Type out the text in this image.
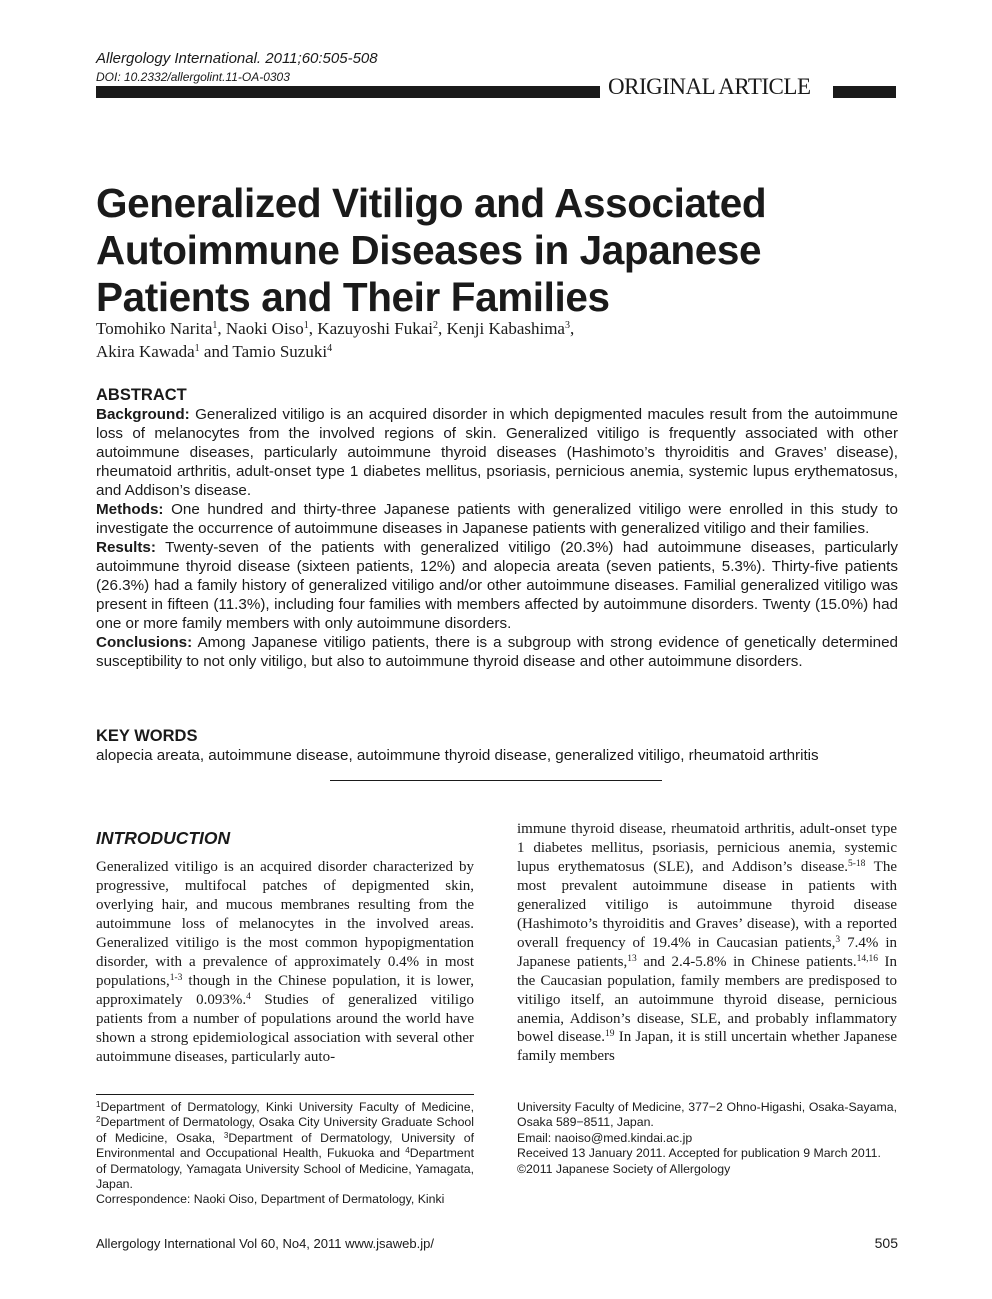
Allergology International. 2011;60:505-508
DOI: 10.2332/allergolint.11-OA-0303	ORIGINAL ARTICLE
Generalized Vitiligo and Associated Autoimmune Diseases in Japanese Patients and Their Families
Tomohiko Narita$^1$, Naoki Oiso$^1$, Kazuyoshi Fukai$^2$, Kenji Kabashima$^3$,
Akira Kawada$^1$ and Tamio Suzuki$^4$
ABSTRACT

Background: Generalized vitiligo is an acquired disorder in which depigmented macules result from the autoimmune loss of melanocytes from the involved regions of skin. Generalized vitiligo is frequently associated with other autoimmune diseases, particularly autoimmune thyroid diseases (Hashimoto’s thyroiditis and Graves’ disease), rheumatoid arthritis, adult-onset type 1 diabetes mellitus, psoriasis, pernicious anemia, systemic lupus erythematosus, and Addison’s disease.

Methods: One hundred and thirty-three Japanese patients with generalized vitiligo were enrolled in this study to investigate the occurrence of autoimmune diseases in Japanese patients with generalized vitiligo and their families.

Results: Twenty-seven of the patients with generalized vitiligo (20.3%) had autoimmune diseases, particularly autoimmune thyroid disease (sixteen patients, 12%) and alopecia areata (seven patients, 5.3%). Thirty-five patients (26.3%) had a family history of generalized vitiligo and/or other autoimmune diseases. Familial generalized vitiligo was present in fifteen (11.3%), including four families with members affected by autoimmune disorders. Twenty (15.0%) had one or more family members with only autoimmune disorders.

Conclusions: Among Japanese vitiligo patients, there is a subgroup with strong evidence of genetically determined susceptibility to not only vitiligo, but also to autoimmune thyroid disease and other autoimmune disorders.

KEY WORDS
alopecia areata, autoimmune disease, autoimmune thyroid disease, generalized vitiligo, rheumatoid arthritis
INTRODUCTION

Generalized vitiligo is an acquired disorder characterized by progressive, multifocal patches of depigmented skin, overlying hair, and mucous membranes resulting from the autoimmune loss of melanocytes in the involved areas. Generalized vitiligo is the most common hypopigmentation disorder, with a prevalence of approximately 0.4% in most populations,$^{1-3}$ though in the Chinese population, it is lower, approximately 0.093%.$^4$ Studies of generalized vitiligo patients from a number of populations around the world have shown a strong epidemiological association with several other autoimmune diseases, particularly auto-

immune thyroid disease, rheumatoid arthritis, adult-onset type 1 diabetes mellitus, psoriasis, pernicious anemia, systemic lupus erythematosus (SLE), and Addison’s disease.$^{5-18}$ The most prevalent autoimmune disease in patients with generalized vitiligo is autoimmune thyroid disease (Hashimoto’s thyroiditis and Graves’ disease), with a reported overall frequency of 19.4% in Caucasian patients,$^3$ 7.4% in Japanese patients,$^{13}$ and 2.4-5.8% in Chinese patients.$^{14,16}$ In the Caucasian population, family members are predisposed to vitiligo itself, an autoimmune thyroid disease, pernicious anemia, Addison’s disease, SLE, and probably inflammatory bowel disease.$^{19}$ In Japan, it is still uncertain whether Japanese family members

$^1$Department of Dermatology, Kinki University Faculty of Medicine, $^2$Department of Dermatology, Osaka City University Graduate School of Medicine, Osaka, $^3$Department of Dermatology, University of Environmental and Occupational Health, Fukuoka and $^4$Department of Dermatology, Yamagata University School of Medicine, Yamagata, Japan.

Correspondence: Naoki Oiso, Department of Dermatology, Kinki

University Faculty of Medicine, 377−2 Ohno-Higashi, Osaka-Sayama, Osaka 589−8511, Japan.

Email: naoiso@med.kindai.ac.jp

Received 13 January 2011. Accepted for publication 9 March 2011.

©2011 Japanese Society of Allergology

Allergology International Vol 60, No4, 2011 www.jsaweb.jp/	505
